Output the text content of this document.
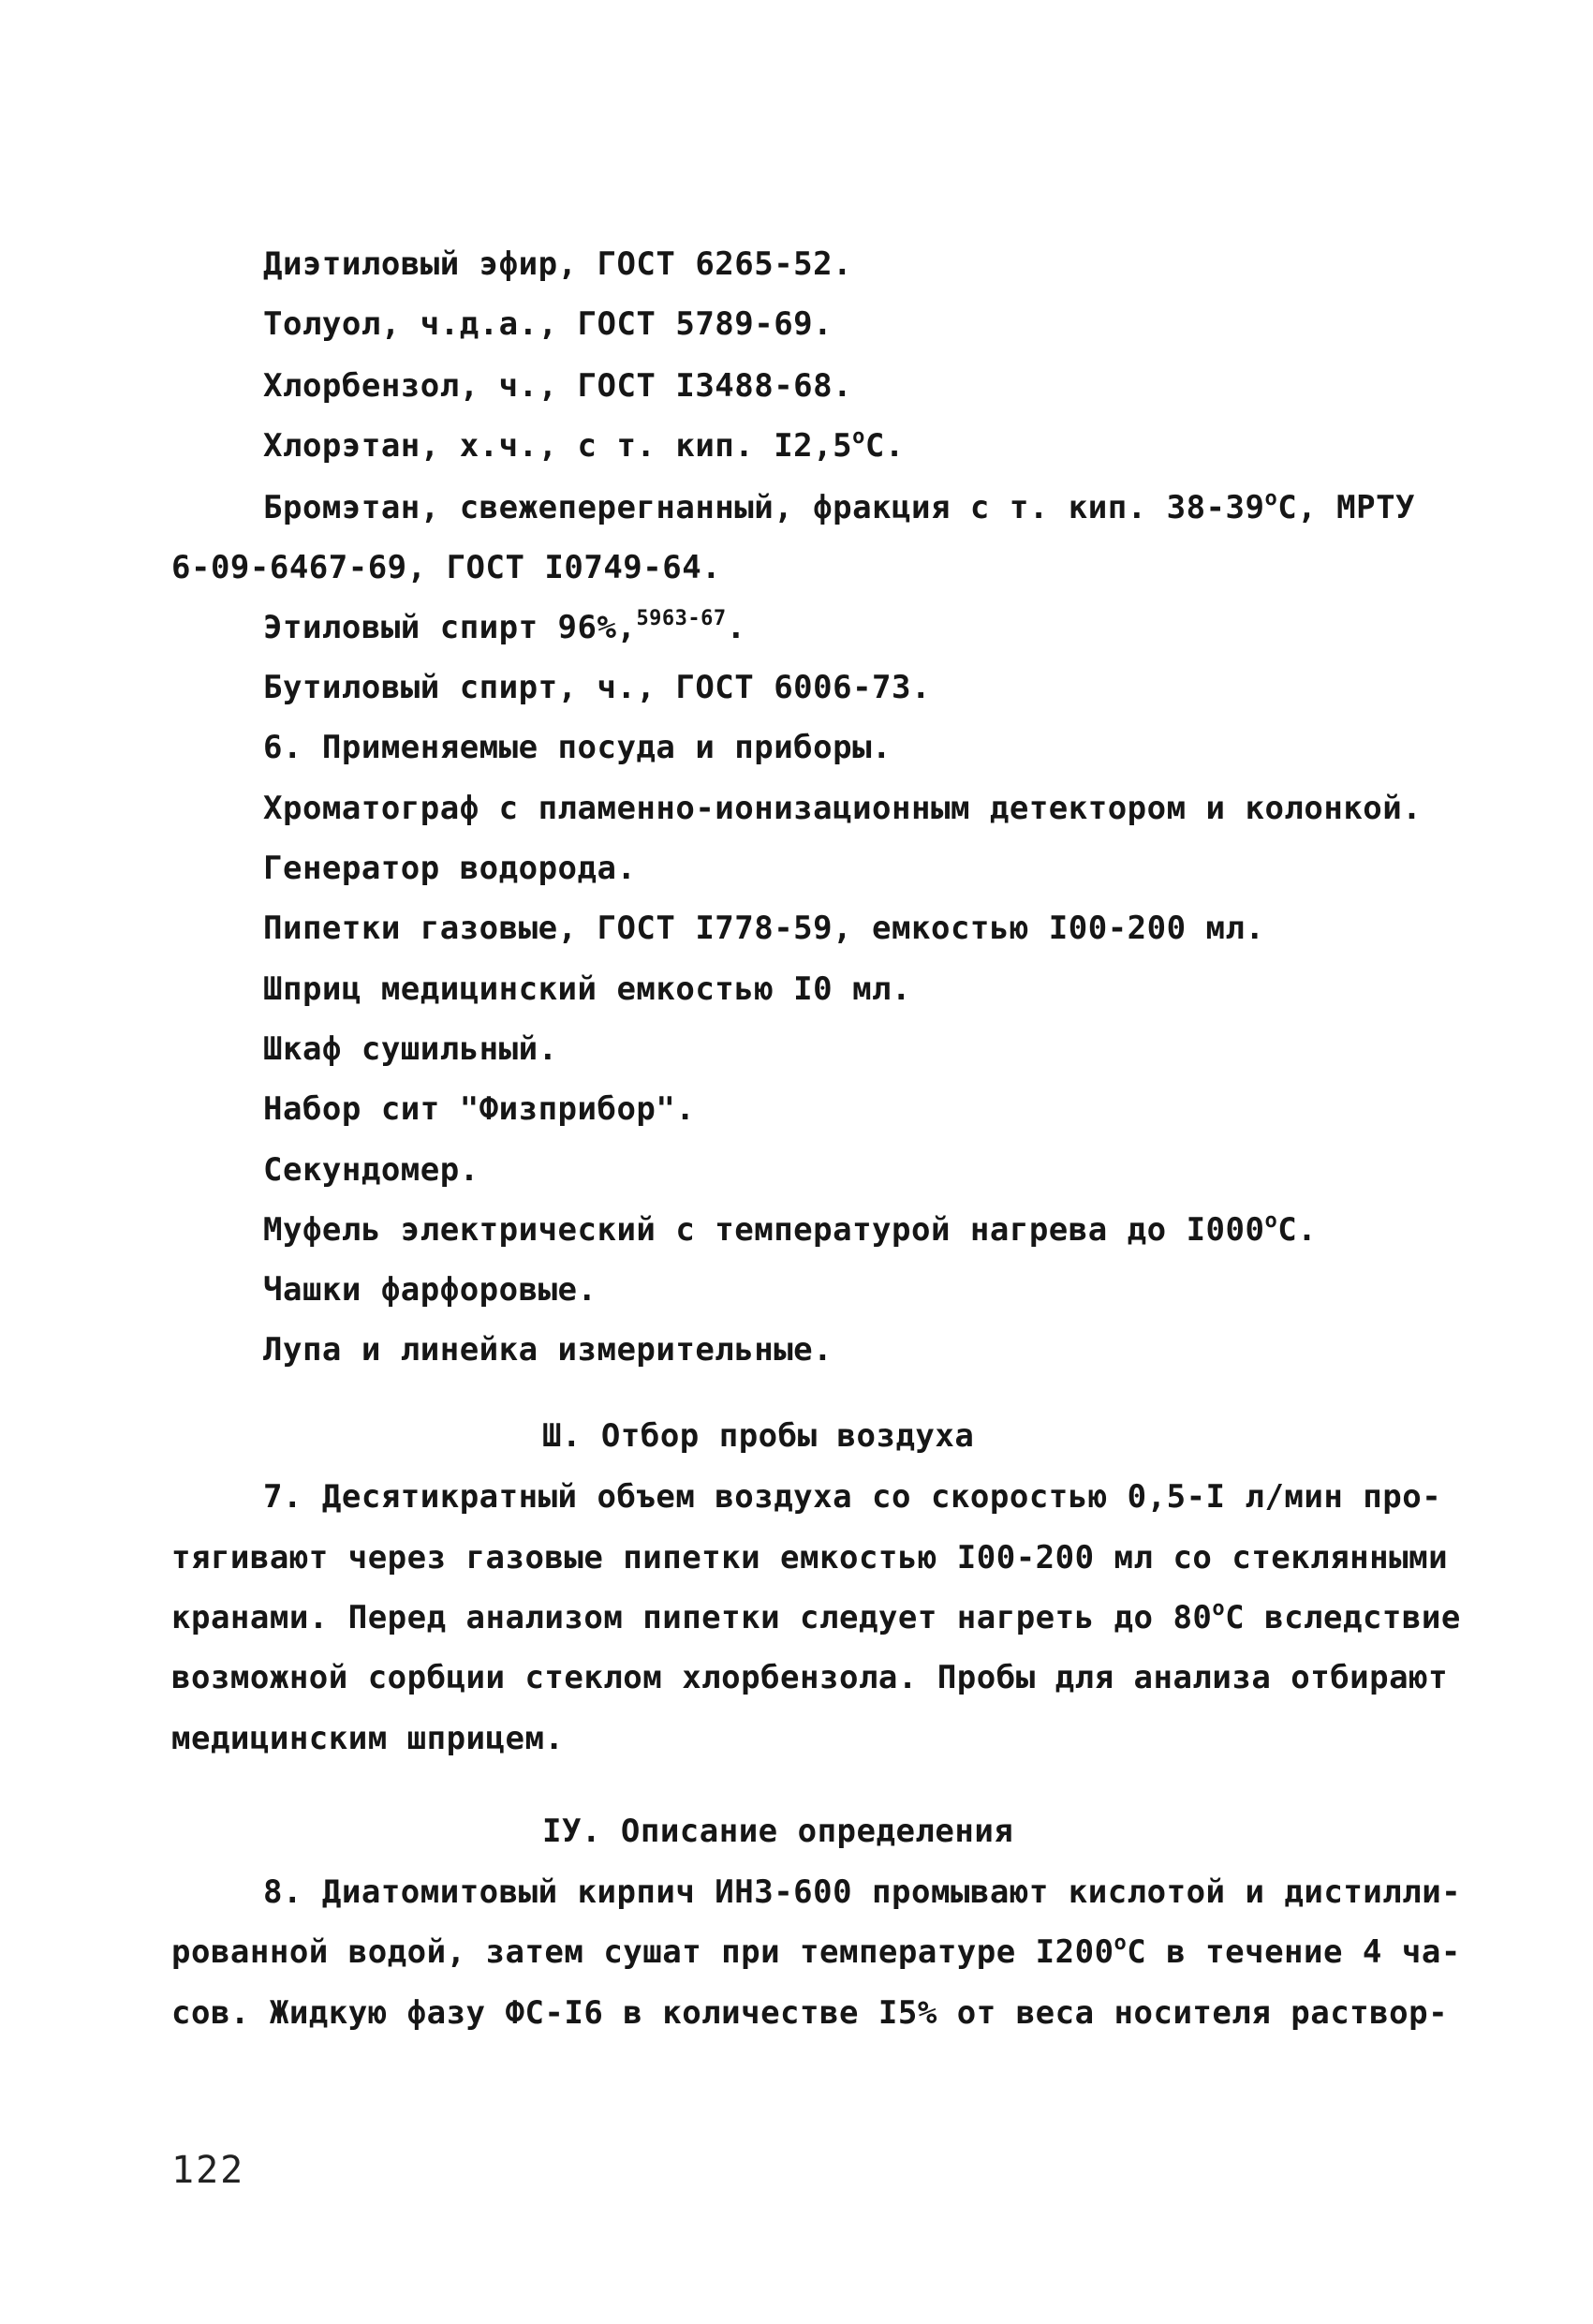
Диэтиловый эфир, ГОСТ 6265-52.
Толуол, ч.д.а., ГОСТ 5789-69.
Хлорбензол, ч., ГОСТ I3488-68.
Хлорэтан, х.ч., с т. кип. $I2,5^оС$.
Бромэтан, свежеперегнанный, фракция с т. кип. $38-39^оС$, МРТУ
6-09-6467-69, ГОСТ I0749-64.
Этиловый спирт 96%,$^{5963-67}$.
Бутиловый спирт, ч., ГОСТ 6006-73.
6. Применяемые посуда и приборы.
Хроматограф с пламенно-ионизационным детектором и колонкой.
Генератор водорода.
Пипетки газовые, ГОСТ I778-59, емкостью I00-200 мл.
Шприц медицинский емкостью I0 мл.
Шкаф сушильный.
Набор сит "Физприбор".
Секундомер.
Муфель электрический с температурой нагрева до $I000^оС$.
Чашки фарфоровые.
Лупа и линейка измерительные.
Ш. Отбор пробы воздуха
7. Десятикратный объем воздуха со скоростью 0,5-I л/мин про-
тягивают через газовые пипетки емкостью I00-200 мл со стеклянными
кранами. Перед анализом пипетки следует нагреть до $80^оС$ вследствие
возможной сорбции стеклом хлорбензола. Пробы для анализа отбирают
медицинским шприцем.
IУ. Описание определения
8. Диатомитовый кирпич ИНЗ-600 промывают кислотой и дистилли-
рованной водой, затем сушат при температуре $I200^оС$ в течение 4 ча-
сов. Жидкую фазу ФС-I6 в количестве I5% от веса носителя раствор-
122
